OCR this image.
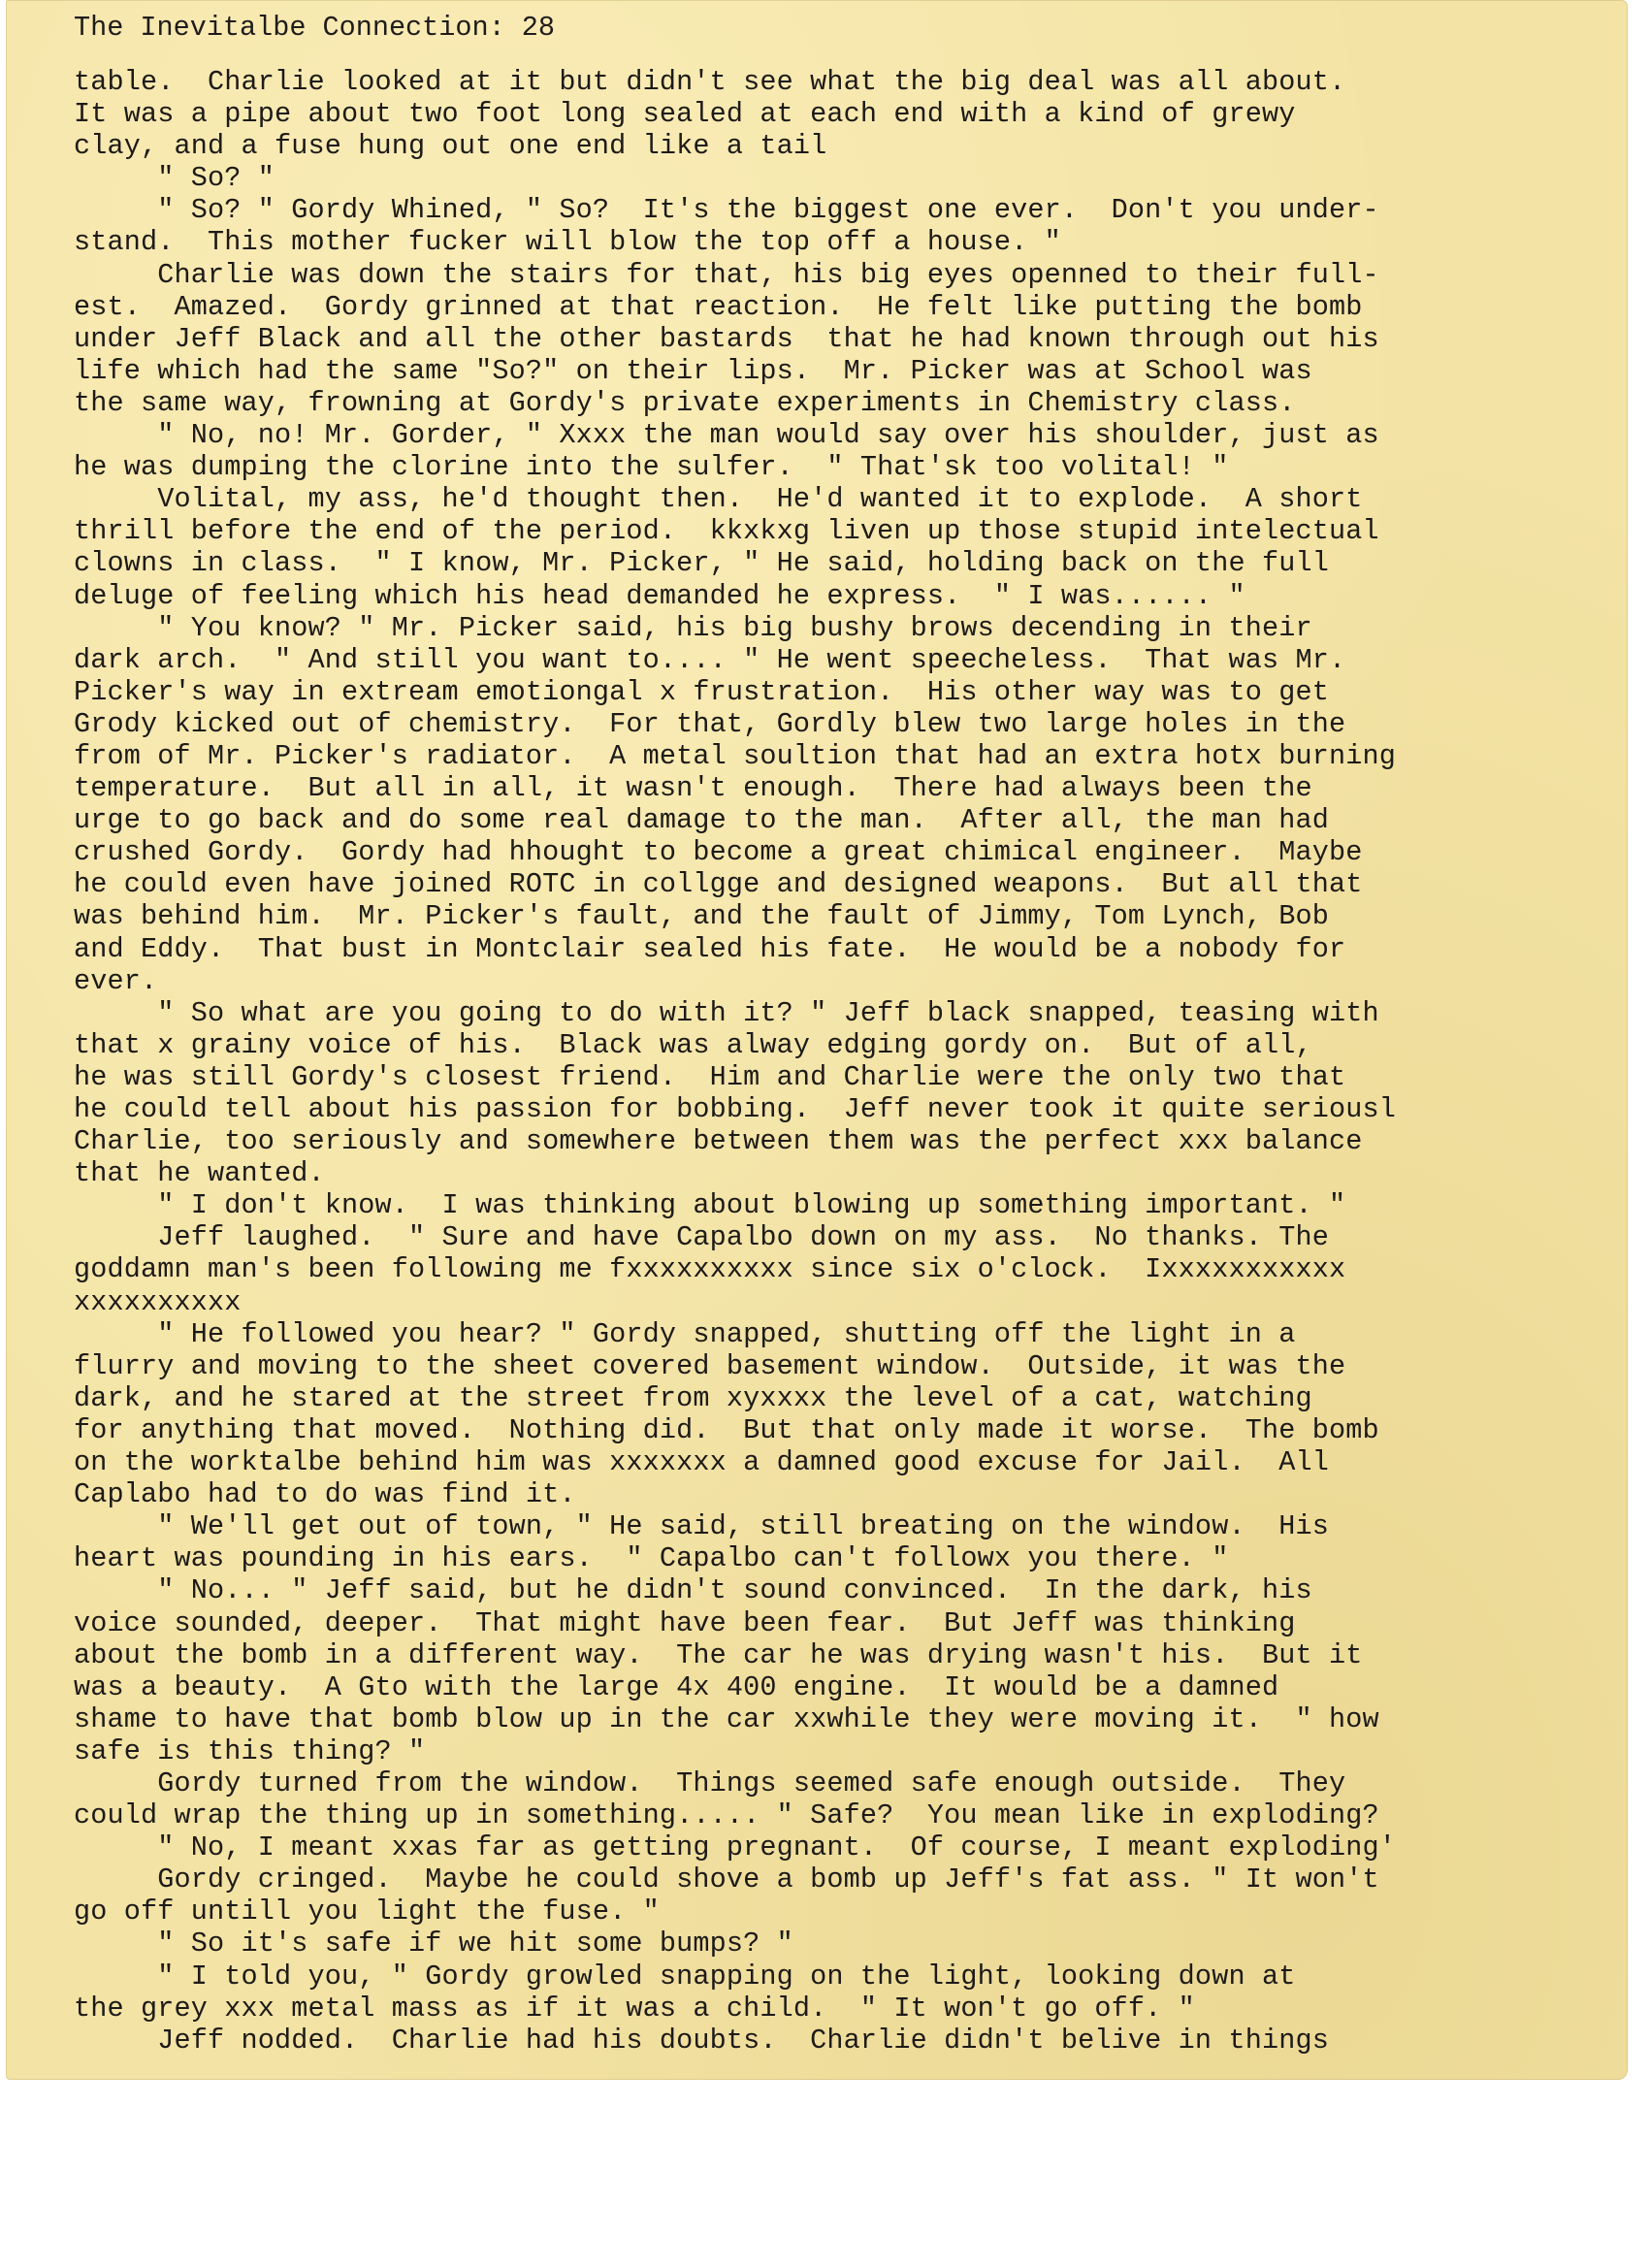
The Inevitalbe Connection: 28
table.  Charlie looked at it but didn't see what the big deal was all about.
It was a pipe about two foot long sealed at each end with a kind of grewy
clay, and a fuse hung out one end like a tail
" So? "
" So? " Gordy Whined, " So?  It's the biggest one ever.  Don't you under-
stand.  This mother fucker will blow the top off a house. "
Charlie was down the stairs for that, his big eyes openned to their full-
est.  Amazed.  Gordy grinned at that reaction.  He felt like putting the bomb
under Jeff Black and all the other bastards  that he had known through out his
life which had the same "So?" on their lips.  Mr. Picker was at School was
the same way, frowning at Gordy's private experiments in Chemistry class.
" No, no! Mr. Gorder, " Xxxx the man would say over his shoulder, just as
he was dumping the clorine into the sulfer.  " That'sk too volital! "
Volital, my ass, he'd thought then.  He'd wanted it to explode.  A short
thrill before the end of the period.  kkxkxg liven up those stupid intelectual
clowns in class.  " I know, Mr. Picker, " He said, holding back on the full
deluge of feeling which his head demanded he express.  " I was...... "
" You know? " Mr. Picker said, his big bushy brows decending in their
dark arch.  " And still you want to.... " He went speecheless.  That was Mr.
Picker's way in extream emotiongal x frustration.  His other way was to get
Grody kicked out of chemistry.  For that, Gordly blew two large holes in the
from of Mr. Picker's radiator.  A metal soultion that had an extra hotx burning
temperature.  But all in all, it wasn't enough.  There had always been the
urge to go back and do some real damage to the man.  After all, the man had
crushed Gordy.  Gordy had hhought to become a great chimical engineer.  Maybe
he could even have joined ROTC in collgge and designed weapons.  But all that
was behind him.  Mr. Picker's fault, and the fault of Jimmy, Tom Lynch, Bob
and Eddy.  That bust in Montclair sealed his fate.  He would be a nobody for
ever.
" So what are you going to do with it? " Jeff black snapped, teasing with
that x grainy voice of his.  Black was alway edging gordy on.  But of all,
he was still Gordy's closest friend.  Him and Charlie were the only two that
he could tell about his passion for bobbing.  Jeff never took it quite seriousl
Charlie, too seriously and somewhere between them was the perfect xxx balance
that he wanted.
" I don't know.  I was thinking about blowing up something important. "
Jeff laughed.  " Sure and have Capalbo down on my ass.  No thanks. The
goddamn man's been following me fxxxxxxxxxx since six o'clock.  Ixxxxxxxxxxx
xxxxxxxxxx
" He followed you hear? " Gordy snapped, shutting off the light in a
flurry and moving to the sheet covered basement window.  Outside, it was the
dark, and he stared at the street from xyxxxx the level of a cat, watching
for anything that moved.  Nothing did.  But that only made it worse.  The bomb
on the worktalbe behind him was xxxxxxx a damned good excuse for Jail.  All
Caplabo had to do was find it.
" We'll get out of town, " He said, still breating on the window.  His
heart was pounding in his ears.  " Capalbo can't followx you there. "
" No... " Jeff said, but he didn't sound convinced.  In the dark, his
voice sounded, deeper.  That might have been fear.  But Jeff was thinking
about the bomb in a different way.  The car he was drying wasn't his.  But it
was a beauty.  A Gto with the large 4x 400 engine.  It would be a damned
shame to have that bomb blow up in the car xxwhile they were moving it.  " how
safe is this thing? "
Gordy turned from the window.  Things seemed safe enough outside.  They
could wrap the thing up in something..... " Safe?  You mean like in exploding?
" No, I meant xxas far as getting pregnant.  Of course, I meant exploding'
Gordy cringed.  Maybe he could shove a bomb up Jeff's fat ass. " It won't
go off untill you light the fuse. "
" So it's safe if we hit some bumps? "
" I told you, " Gordy growled snapping on the light, looking down at
the grey xxx metal mass as if it was a child.  " It won't go off. "
Jeff nodded.  Charlie had his doubts.  Charlie didn't belive in things
